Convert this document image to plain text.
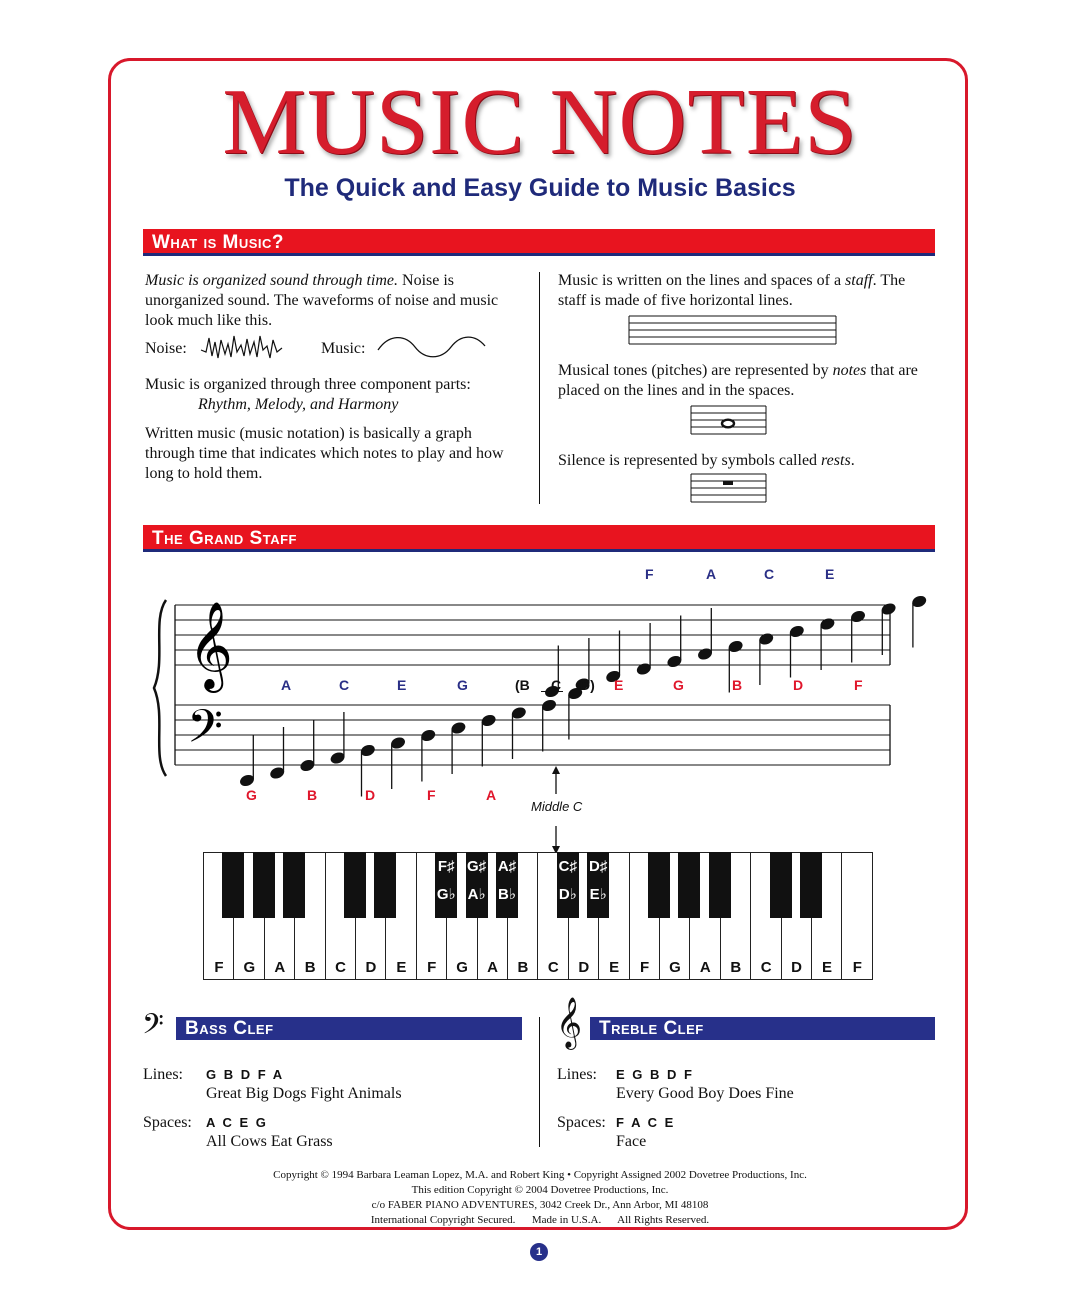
MUSIC NOTES
The Quick and Easy Guide to Music Basics
What is Music?
Music is organized sound through time. Noise is unorganized sound. The waveforms of noise and music look much like this.
Noise:	Music:
Music is organized through three component parts:
Rhythm, Melody, and Harmony
Written music (music notation) is basically a graph through time that indicates which notes to play and how long to hold them.
Music is written on the lines and spaces of a staff. The staff is made of five horizontal lines.
Musical tones (pitches) are represented by notes that are placed on the lines and in the spaces.
Silence is represented by symbols called rests.
The Grand Staff
𝄞
𝄢
F	A	C	E
A	C	E	G	(B C D) E	G	B	D	F
G	B	D	F	A
Middle C
F	G	A	B	C	D	E	F	G	A	B	C	D	E	F	G	A	B	C	D	E	F
F♯
G♭
G♯
A♭
A♯
B♭
C♯
D♭
D♯
E♭
𝄢	Bass Clef	𝄞 Treble Clef
Lines: G B D F A
Great Big Dogs Fight Animals
Spaces: A C E G
All Cows Eat Grass
Lines: E G B D F
Every Good Boy Does Fine
Spaces: F A C E
Face
Copyright © 1994 Barbara Leaman Lopez, M.A. and Robert King • Copyright Assigned 2002 Dovetree Productions, Inc.
This edition Copyright © 2004 Dovetree Productions, Inc.
c/o FABER PIANO ADVENTURES, 3042 Creek Dr., Ann Arbor, MI 48108
International Copyright Secured.      Made in U.S.A.      All Rights Reserved.
1
